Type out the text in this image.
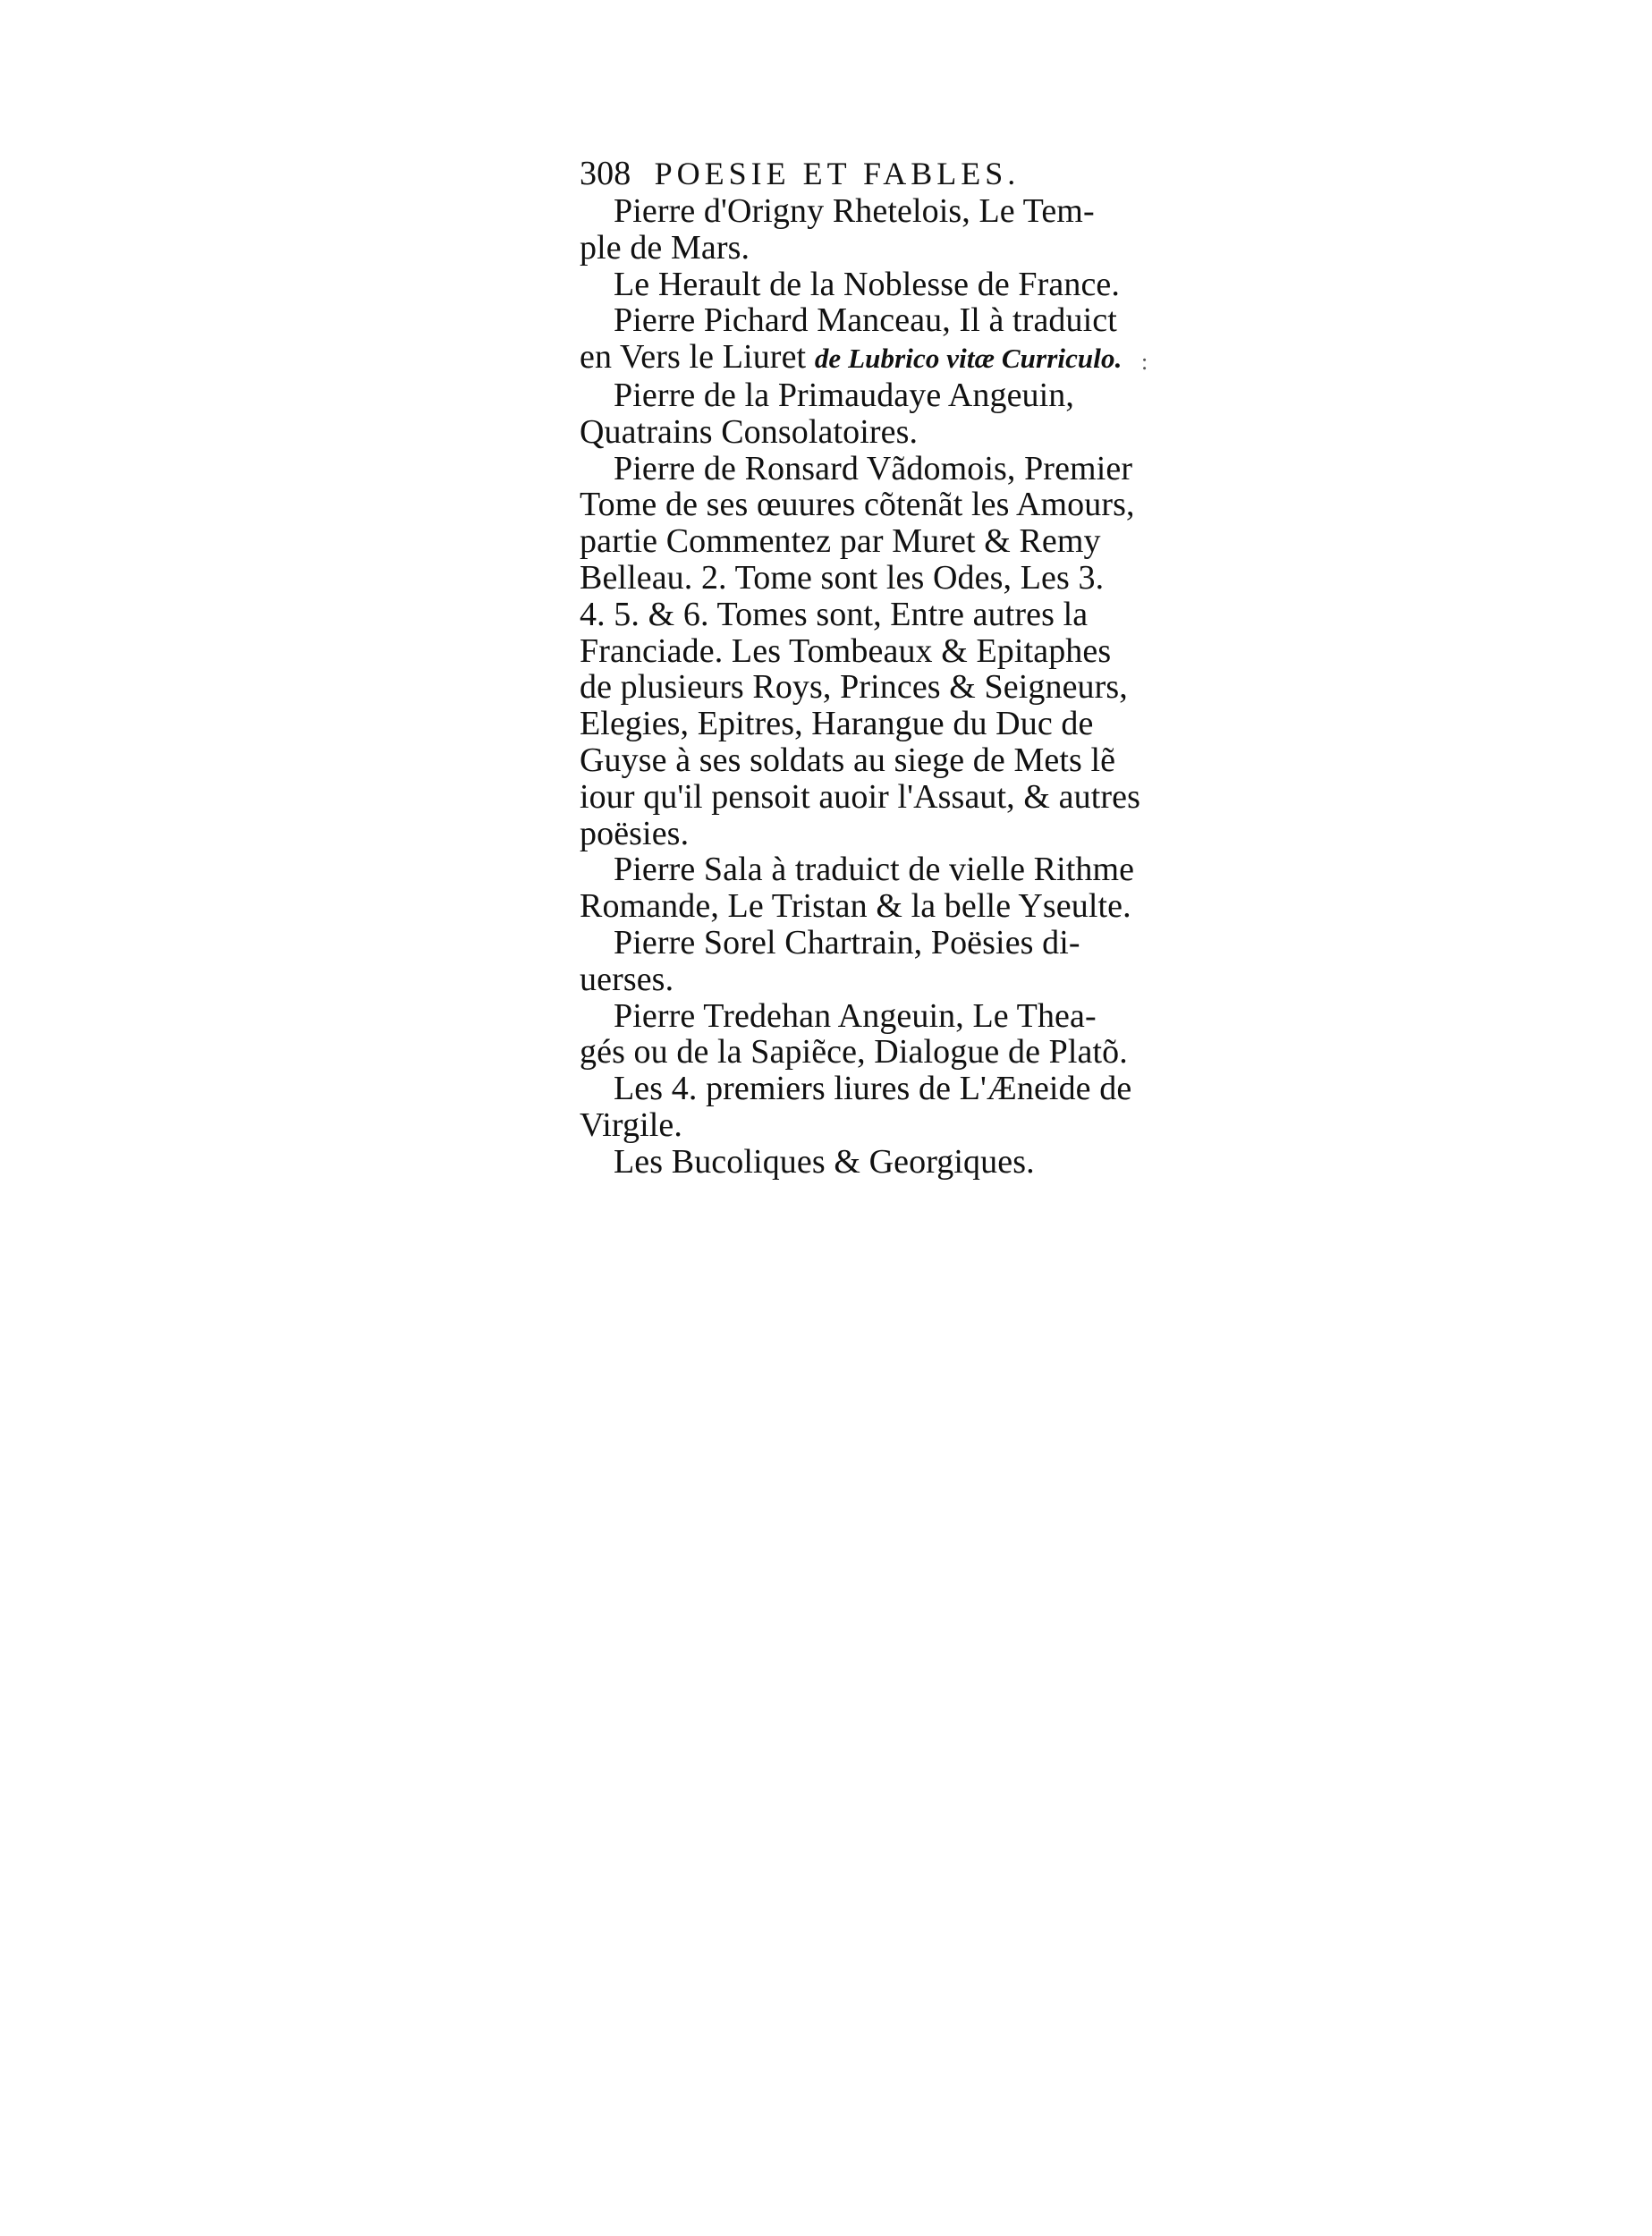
308 POESIE ET FABLES.
Pierre d'Origny Rhetelois, Le Tem-
ple de Mars.
Le Herault de la Noblesse de France.
Pierre Pichard Manceau, Il à traduict
en Vers le Liuret de Lubrico vitæ Curriculo.
Pierre de la Primaudaye Angeuin,
Quatrains Consolatoires.
Pierre de Ronsard Vãdomois, Premier
Tome de ses œuures cõtenãt les Amours,
partie Commentez par Muret & Remy
Belleau. 2. Tome sont les Odes, Les 3.
4. 5. & 6. Tomes sont, Entre autres la
Franciade. Les Tombeaux & Epitaphes
de plusieurs Roys, Princes & Seigneurs,
Elegies, Epitres, Harangue du Duc de
Guyse à ses soldats au siege de Mets lẽ
iour qu'il pensoit auoir l'Assaut, & autres
poësies.
Pierre Sala à traduict de vielle Rithme
Romande, Le Tristan & la belle Yseulte.
Pierre Sorel Chartrain, Poësies di-
uerses.
Pierre Tredehan Angeuin, Le Thea-
gés ou de la Sapiẽce, Dialogue de Platõ.
Les 4. premiers liures de L'Æneide de
Virgile.
Les Bucoliques & Georgiques.
:
